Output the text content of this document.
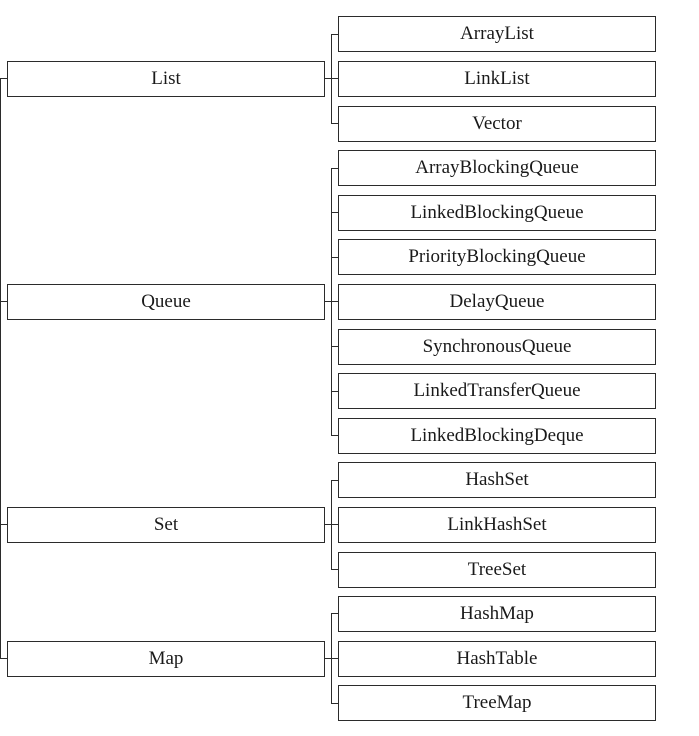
List
ArrayList
LinkList
Vector
Queue
ArrayBlockingQueue
LinkedBlockingQueue
PriorityBlockingQueue
DelayQueue
SynchronousQueue
LinkedTransferQueue
LinkedBlockingDeque
Set
HashSet
LinkHashSet
TreeSet
Map
HashMap
HashTable
TreeMap
